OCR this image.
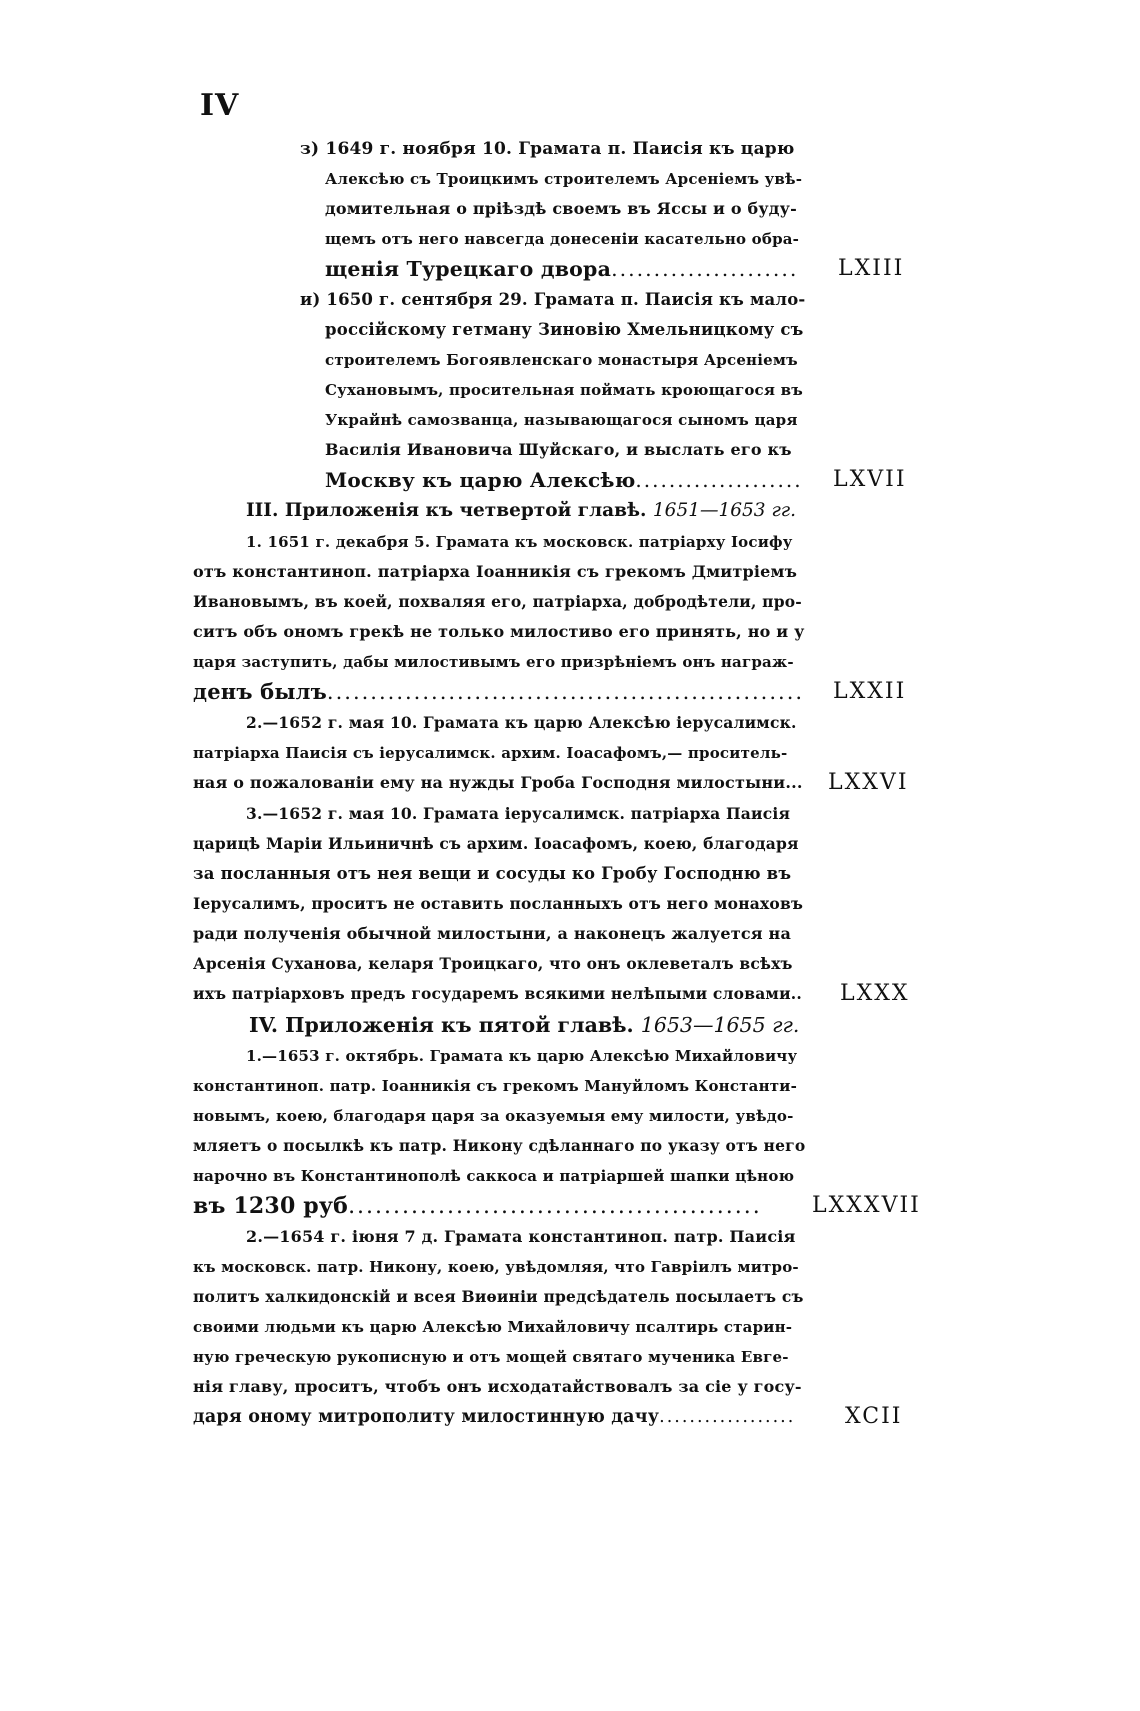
IV
з) 1649 г. ноября 10. Грамата п. Паисія къ царю
Алексѣю съ Троицкимъ строителемъ Арсеніемъ увѣ-
домительная о пріѣздѣ своемъ въ Яссы и о буду-
щемъ отъ него навсегда донесеніи касательно обра-
щенія Турецкаго двора...................... LXIII
и) 1650 г. сентября 29. Грамата п. Паисія къ мало-
россійскому гетману Зиновію Хмельницкому съ
строителемъ Богоявленскаго монастыря Арсеніемъ
Сухановымъ, просительная поймать кроющагося въ
Украйнѣ самозванца, называющагося сыномъ царя
Василія Ивановича Шуйскаго, и выслать его къ
Москву къ царю Алексѣю.................... LXVII
III. Приложенія къ четвертой главѣ. 1651—1653 гг.
1. 1651 г. декабря 5. Грамата къ московск. патріарху Іосифу
отъ константиноп. патріарха Іоанникія съ грекомъ Дмитріемъ
Ивановымъ, въ коей, похваляя его, патріарха, добродѣтели, про-
ситъ объ ономъ грекѣ не только милостиво его принять, но и у
царя заступить, дабы милостивымъ его призрѣніемъ онъ награж-
денъ былъ....................................................... LXXII
2.—1652 г. мая 10. Грамата къ царю Алексѣю іерусалимск.
патріарха Паисія съ іерусалимск. архим. Іоасафомъ,— проситель-
ная о пожалованіи ему на нужды Гроба Господня милостыни... LXXVI
3.—1652 г. мая 10. Грамата іерусалимск. патріарха Паисія
царицѣ Маріи Ильиничнѣ съ архим. Іоасафомъ, коею, благодаря
за посланныя отъ нея вещи и сосуды ко Гробу Господню въ
Іерусалимъ, проситъ не оставить посланныхъ отъ него монаховъ
ради полученія обычной милостыни, а наконецъ жалуется на
Арсенія Суханова, келаря Троицкаго, что онъ оклеветалъ всѣхъ
ихъ патріарховъ предъ государемъ всякими нелѣпыми словами.. LXXX
IV. Приложенія къ пятой главѣ. 1653—1655 гг.
1.—1653 г. октябрь. Грамата къ царю Алексѣю Михайловичу
константиноп. патр. Іоанникія съ грекомъ Мануйломъ Константи-
новымъ, коею, благодаря царя за оказуемыя ему милости, увѣдо-
мляетъ о посылкѣ къ патр. Никону сдѣланнаго по указу отъ него
нарочно въ Константинополѣ саккоса и патріаршей шапки цѣною
въ 1230 руб.............................................. LXXXVII
2.—1654 г. іюня 7 д. Грамата константиноп. патр. Паисія
къ московск. патр. Никону, коею, увѣдомляя, что Гавріилъ митро-
политъ халкидонскій и всея Виѳиніи предсѣдатель посылаетъ съ
своими людьми къ царю Алексѣю Михайловичу псалтирь старин-
ную греческую рукописную и отъ мощей святаго мученика Евге-
нія главу, проситъ, чтобъ онъ исходатайствовалъ за сіе у госу-
даря оному митрополиту милостинную дачу.................. XCII
